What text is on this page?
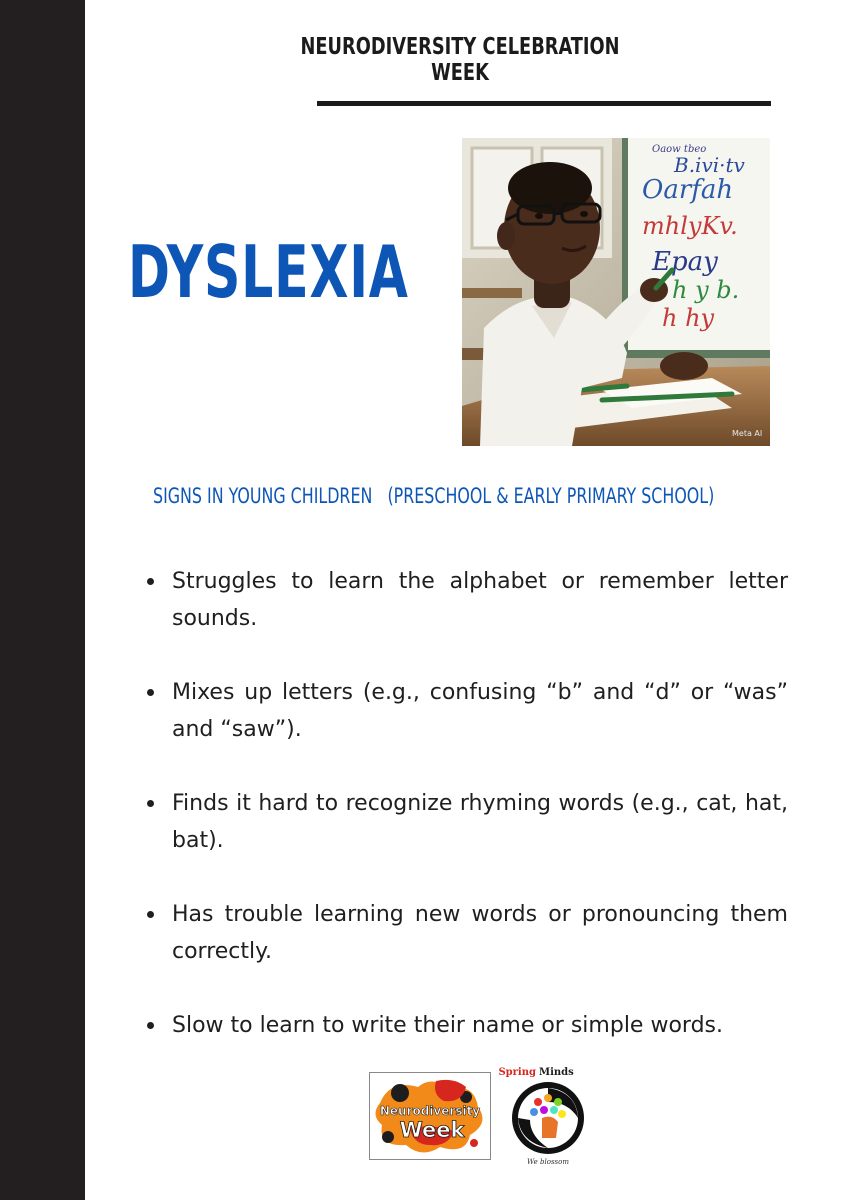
NEURODIVERSITY CELEBRATION WEEK
DYSLEXIA
Oaow tbeo
B.ivi·tv
Oarfah
mhlyKv.
Epay
h y b.
h hy
Meta AI
SIGNS IN YOUNG CHILDREN   (PRESCHOOL & EARLY PRIMARY SCHOOL)
Struggles to learn the alphabet or remember letter sounds.
Mixes up letters (e.g., confusing “b” and “d” or “was” and “saw”).
Finds it hard to recognize rhyming words (e.g., cat, hat, bat).
Has trouble learning new words or pronouncing them correctly.
Slow to learn to write their name or simple words.
Neurodiversity
Week
Spring Minds
We blossom
